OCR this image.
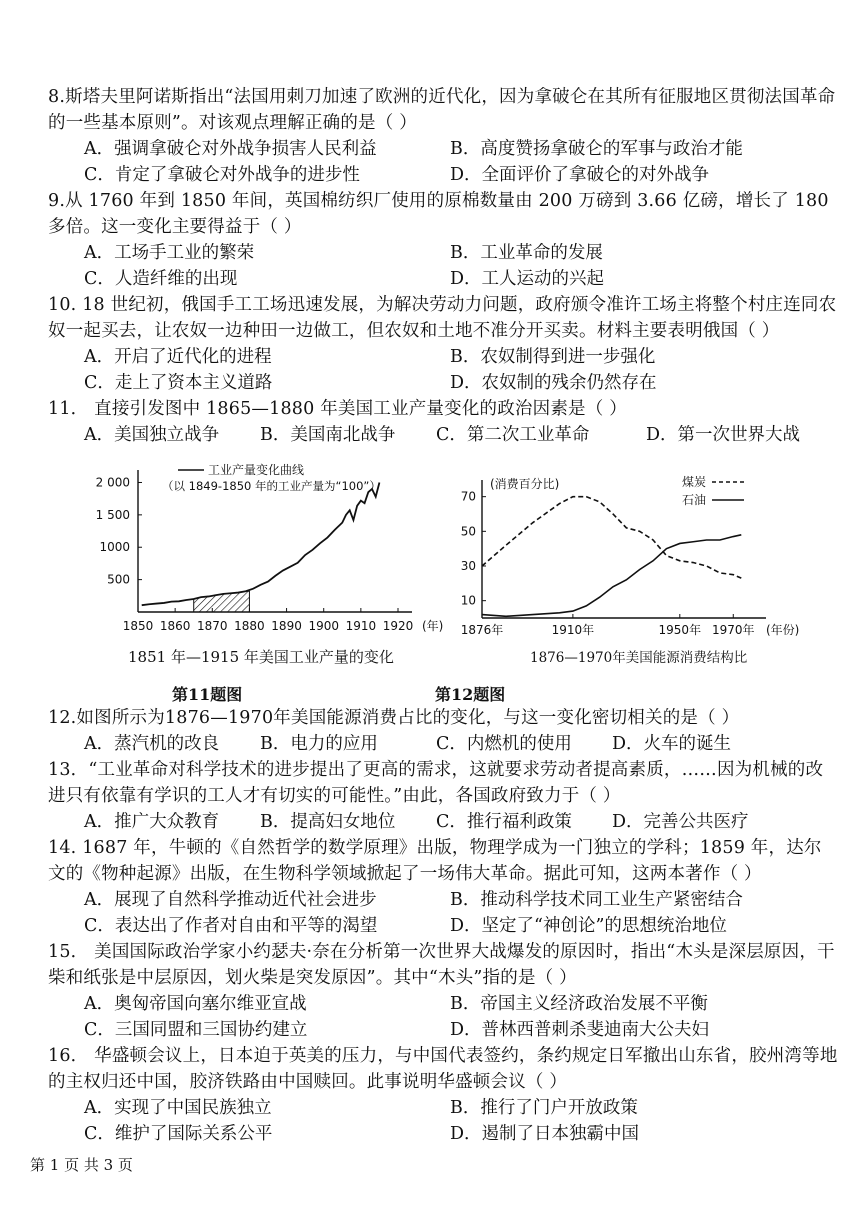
8.斯塔夫里阿诺斯指出“法国用刺刀加速了欧洲的近代化，因为拿破仑在其所有征服地区贯彻法国革命的一些基本原则”。对该观点理解正确的是（ ）
A．强调拿破仑对外战争损害人民利益	B．高度赞扬拿破仑的军事与政治才能
C．肯定了拿破仑对外战争的进步性	D．全面评价了拿破仑的对外战争
9.从 1760 年到 1850 年间，英国棉纺织厂使用的原棉数量由 200 万磅到 3.66 亿磅，增长了 180 多倍。这一变化主要得益于（ ）
A．工场手工业的繁荣	B．工业革命的发展
C．人造纤维的出现	D．工人运动的兴起
10. 18 世纪初，俄国手工工场迅速发展，为解决劳动力问题，政府颁令准许工场主将整个村庄连同农奴一起买去，让农奴一边种田一边做工，但农奴和土地不准分开买卖。材料主要表明俄国（ ）
A．开启了近代化的进程	B．农奴制得到进一步强化
C．走上了资本主义道路	D．农奴制的残余仍然存在
11． 直接引发图中 1865—1880 年美国工业产量变化的政治因素是（ ）
A．美国独立战争 B．美国南北战争 C．第二次工业革命	D．第一次世界大战
1850 1860 1870 1880 1890 1900 1910 1920 (年)
500
1000
1 500
2 000
工业产量变化曲线
（以 1849-1850 年的工业产量为“100”）
1851 年—1915 年美国工业产量的变化
(消费百分比)
10
30
50
70
1876年	1910年	1950年 1970年 (年份)
煤炭
石油
1876—1970年美国能源消费结构比
第11题图	第12题图
12.如图所示为1876—1970年美国能源消费占比的变化，与这一变化密切相关的是（ ）
A．蒸汽机的改良 B．电力的应用	C．内燃机的使用 D．火车的诞生
13．“工业革命对科学技术的进步提出了更高的需求，这就要求劳动者提高素质，……因为机械的改进只有依靠有学识的工人才有切实的可能性。”由此，各国政府致力于（ ）
A．推广大众教育 B．提高妇女地位 C．推行福利政策 D．完善公共医疗
14. 1687 年，牛顿的《自然哲学的数学原理》出版，物理学成为一门独立的学科；1859 年，达尔文的《物种起源》出版，在生物科学领域掀起了一场伟大革命。据此可知，这两本著作（ ）
A．展现了自然科学推动近代社会进步	B．推动科学技术同工业生产紧密结合
C．表达出了作者对自由和平等的渴望	D．坚定了“神创论”的思想统治地位
15． 美国国际政治学家小约瑟夫·奈在分析第一次世界大战爆发的原因时，指出“木头是深层原因，干柴和纸张是中层原因，划火柴是突发原因”。其中“木头”指的是（ ）
A．奥匈帝国向塞尔维亚宣战	B．帝国主义经济政治发展不平衡
C．三国同盟和三国协约建立	D．普林西普刺杀斐迪南大公夫妇
16． 华盛顿会议上，日本迫于英美的压力，与中国代表签约，条约规定日军撤出山东省，胶州湾等地的主权归还中国，胶济铁路由中国赎回。此事说明华盛顿会议（ ）
A．实现了中国民族独立	B．推行了门户开放政策
C．维护了国际关系公平	D．遏制了日本独霸中国
第 1 页 共 3 页
